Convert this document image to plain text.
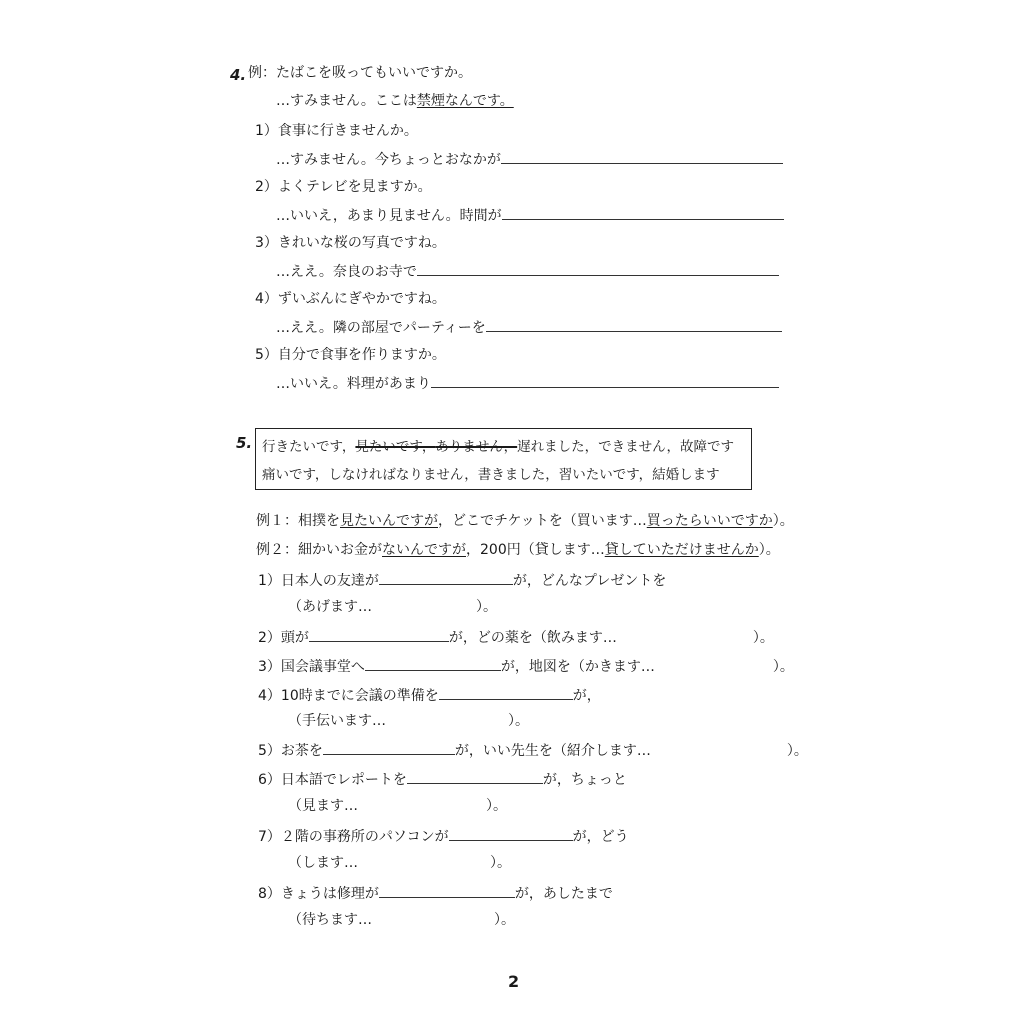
4. 例：たばこを吸ってもいいですか。
…すみません。ここは禁煙なんです。
1）食事に行きませんか。
…すみません。今ちょっとおなかが
2）よくテレビを見ますか。
…いいえ，あまり見ません。時間が
3）きれいな桜の写真ですね。
…ええ。奈良のお寺で
4）ずいぶんにぎやかですね。
…ええ。隣の部屋でパーティーを
5）自分で食事を作りますか。
…いいえ。料理があまり
5. 行きたいです，見たいです，ありません，遅れました，できません，故障です
痛いです，しなければなりません，書きました，習いたいです，結婚します
例１：相撲を見たいんですが，どこでチケットを（買います…買ったらいいですか）。
例２：細かいお金がないんですが，200円（貸します…貸していただけませんか）。
1）日本人の友達が	が，どんなプレゼントを
（あげます…	）。
2）頭が	が，どの薬を（飲みます…	）。
3）国会議事堂へ	が，地図を（かきます…	）。
4）10時までに会議の準備を	が，
（手伝います…	）。
5）お茶を	が，いい先生を（紹介します…	）。
6）日本語でレポートを	が，ちょっと
（見ます…	）。
7）２階の事務所のパソコンが	が，どう
（します…	）。
8）きょうは修理が	が，あしたまで
（待ちます…	）。
2
